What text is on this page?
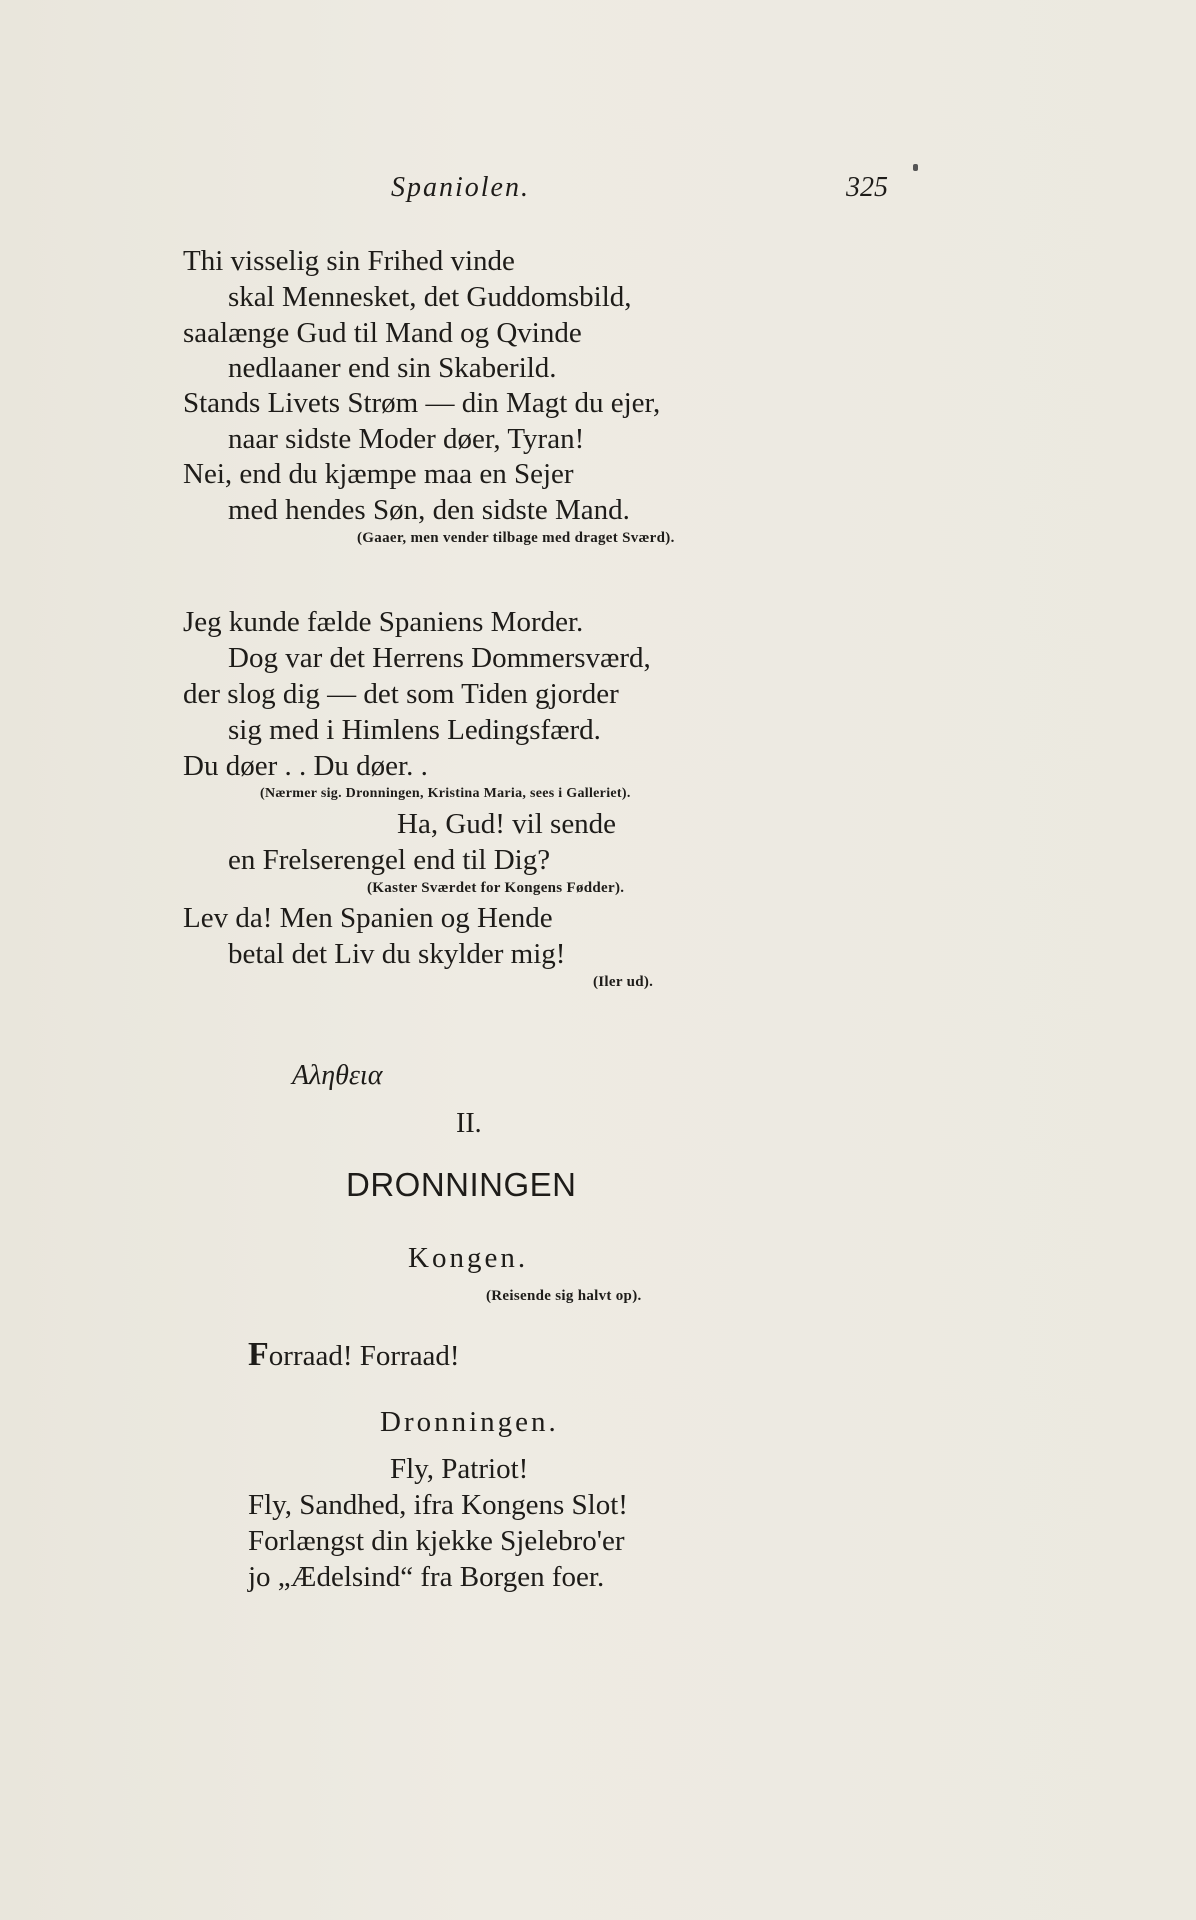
Spaniolen.	325
Thi visselig sin Frihed vinde
skal Mennesket, det Guddomsbild,
saalænge Gud til Mand og Qvinde
nedlaaner end sin Skaberild.
Stands Livets Strøm — din Magt du ejer,
naar sidste Moder døer, Tyran!
Nei, end du kjæmpe maa en Sejer
med hendes Søn, den sidste Mand.
(Gaaer, men vender tilbage med draget Sværd).
Jeg kunde fælde Spaniens Morder.
Dog var det Herrens Dommersværd,
der slog dig — det som Tiden gjorder
sig med i Himlens Ledingsfærd.
Du døer . . Du døer. .
(Nærmer sig. Dronningen, Kristina Maria, sees i Galleriet).
Ha, Gud! vil sende
en Frelserengel end til Dig?
(Kaster Sværdet for Kongens Fødder).
Lev da! Men Spanien og Hende
betal det Liv du skylder mig!
(Iler ud).
Αληθεια
II.
DRONNINGEN
Kongen.
(Reisende sig halvt op).
Forraad! Forraad!
Dronningen.
Fly, Patriot!
Fly, Sandhed, ifra Kongens Slot!
Forlængst din kjekke Sjelebro'er
jo „Ædelsind“ fra Borgen foer.
